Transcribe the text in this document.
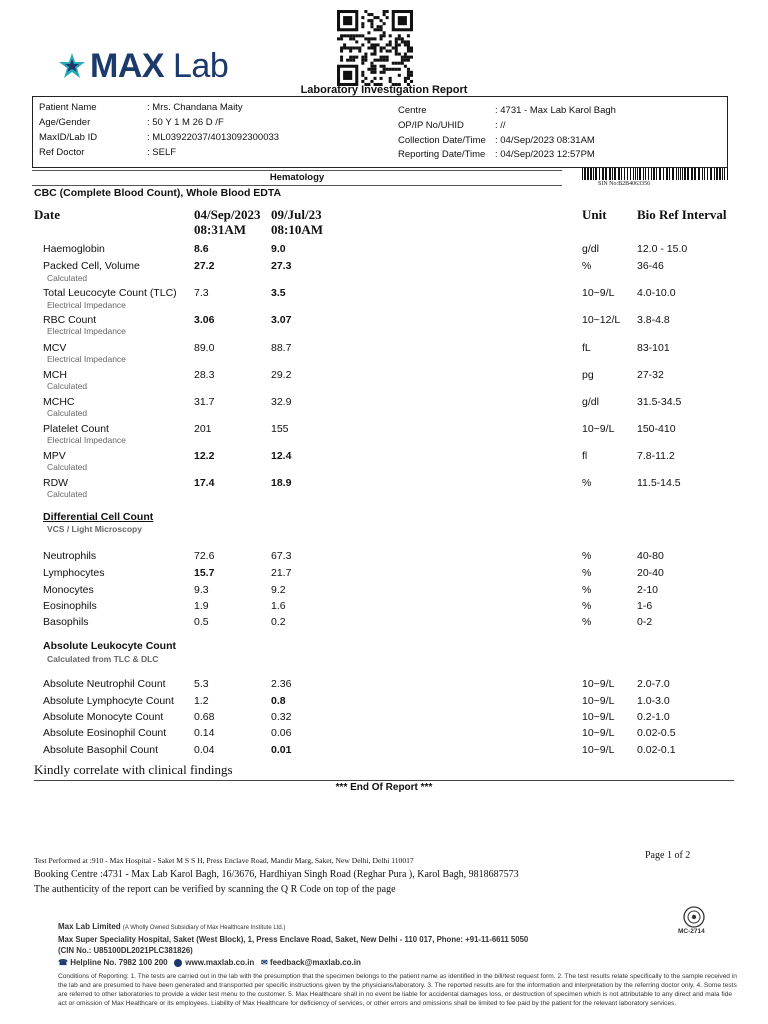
MAX Lab
Laboratory Investigation Report
Patient Name	: Mrs. Chandana Maity
Age/Gender	: 50 Y 1 M 26 D /F
MaxID/Lab ID	: ML03922037/4013092300033
Ref Doctor	: SELF
Centre	: 4731 - Max Lab Karol Bagh
OP/IP No/UHID	: //
Collection Date/Time : 04/Sep/2023 08:31AM
Reporting Date/Time : 04/Sep/2023 12:57PM
Hematology
SIN No:B2B4063356
CBC (Complete Blood Count), Whole Blood EDTA
Date	04/Sep/2023
08:31AM
09/Jul/23
08:10AM
Unit Bio Ref Interval
Haemoglobin	8.6	9.0	g/dl	12.0 - 15.0
Packed Cell, Volume
Calculated
27.2	27.3	%	36-46
Total Leucocyte Count (TLC)
Electrical Impedance
7.3	3.5	10~9/L 4.0-10.0
RBC Count
Electrical Impedance
3.06	3.07	10~12/L 3.8-4.8
MCV
Electrical Impedance
89.0	88.7	fL	83-101
MCH
Calculated
28.3	29.2	pg	27-32
MCHC
Calculated
31.7	32.9	g/dl	31.5-34.5
Platelet Count
Electrical Impedance
201	155	10~9/L 150-410
MPV
Calculated
12.2	12.4	fl	7.8-11.2
RDW
Calculated
17.4	18.9	%	11.5-14.5
Differential Cell Count
VCS / Light Microscopy
Neutrophils	72.6	67.3	%	40-80
Lymphocytes	15.7	21.7	%	20-40
Monocytes	9.3	9.2	%	2-10
Eosinophils	1.9	1.6	%	1-6
Basophils	0.5	0.2	%	0-2
Absolute Leukocyte Count
Calculated from TLC & DLC
Absolute Neutrophil Count	5.3	2.36	10~9/L 2.0-7.0
Absolute Lymphocyte Count 1.2	0.8	10~9/L 1.0-3.0
Absolute Monocyte Count	0.68	0.32	10~9/L 0.2-1.0
Absolute Eosinophil Count	0.14	0.06	10~9/L 0.02-0.5
Absolute Basophil Count	0.04	0.01	10~9/L 0.02-0.1
Kindly correlate with clinical findings
*** End Of Report ***
Test Performed at :910 - Max Hospital - Saket M S S H, Press Enclave Road, Mandir Marg, Saket, New Delhi, Delhi 110017	Page 1 of 2
Booking Centre :4731 - Max Lab Karol Bagh, 16/3676, Hardhiyan Singh Road (Reghar Pura ), Karol Bagh, 9818687573
The authenticity of the report can be verified by scanning the Q R Code on top of the page
Max Lab Limited (A Wholly Owned Subsidiary of Max Healthcare Institute Ltd.)
Max Super Speciality Hospital, Saket (West Block), 1, Press Enclave Road, Saket, New Delhi - 110 017, Phone: +91-11-6611 5050
(CIN No.: U85100DL2021PLC381826)
☎ Helpline No. 7982 100 200 www.maxlab.co.in ✉ feedback@maxlab.co.in
Conditions of Reporting: 1. The tests are carried out in the lab with the presumption that the specimen belongs to the patient name as identified in the bill/test request form. 2. The test results relate specifically to the sample received in the lab and are presumed to have been generated and transported per specific instructions given by the physicians/laboratory. 3. The reported results are for the information and interpretation by the referring doctor only. 4. Some tests are referred to other laboratories to provide a wider test menu to the customer. 5. Max Healthcare shall in no event be liable for accidental damages loss, or destruction of specimen which is not attributable to any direct and mala fide act or omission of Max Healthcare or its employees. Liability of Max Healthcare for deficiency of services, or other errors and omissions shall be limited to fee paid by the patient for the relevant laboratory services.
MC-2714
